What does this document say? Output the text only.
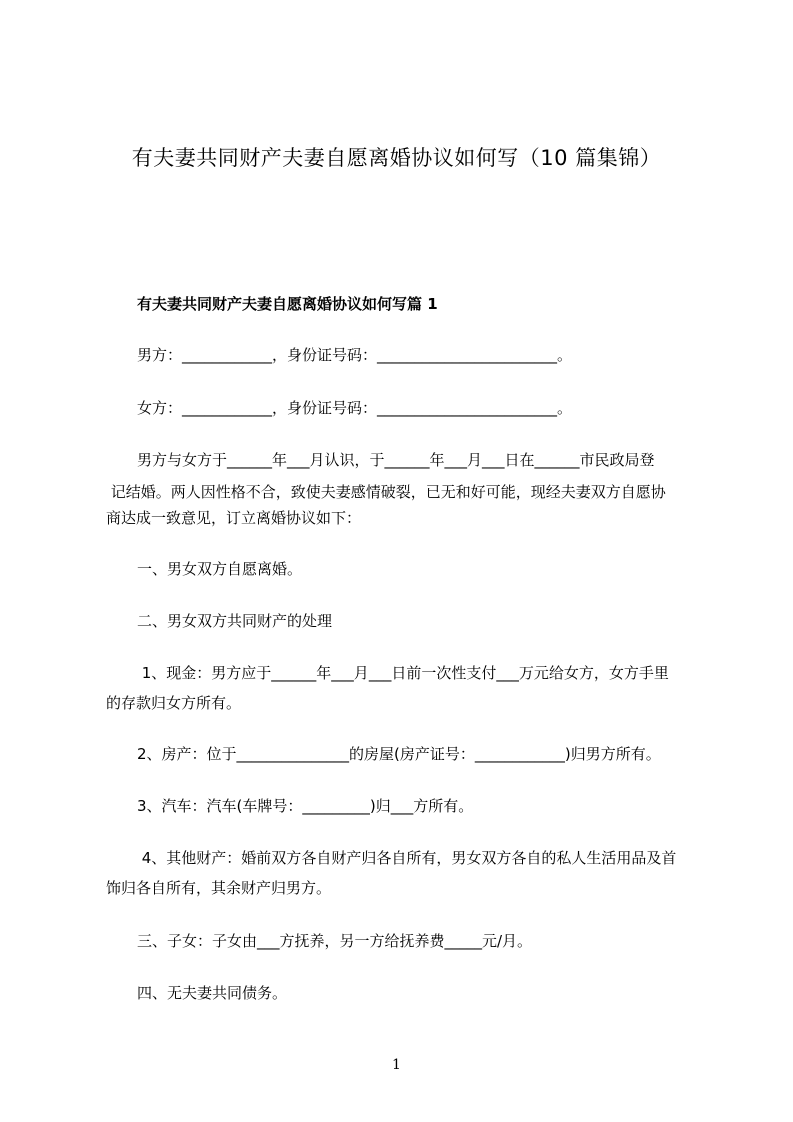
有夫妻共同财产夫妻自愿离婚协议如何写（10 篇集锦）
有夫妻共同财产夫妻自愿离婚协议如何写篇 1
男方：____________，身份证号码：________________________。
女方：____________，身份证号码：________________________。
男方与女方于______年___月认识，于______年___月___日在______市民政局登
记结婚。两人因性格不合，致使夫妻感情破裂，已无和好可能，现经夫妻双方自愿协
商达成一致意见，订立离婚协议如下：
一、男女双方自愿离婚。
二、男女双方共同财产的处理
1、现金：男方应于______年___月___日前一次性支付___万元给女方，女方手里
的存款归女方所有。
2、房产：位于_______________的房屋(房产证号：____________)归男方所有。
3、汽车：汽车(车牌号：_________)归___方所有。
4、其他财产：婚前双方各自财产归各自所有，男女双方各自的私人生活用品及首
饰归各自所有，其余财产归男方。
三、子女：子女由___方抚养，另一方给抚养费_____元/月。
四、无夫妻共同债务。
1
